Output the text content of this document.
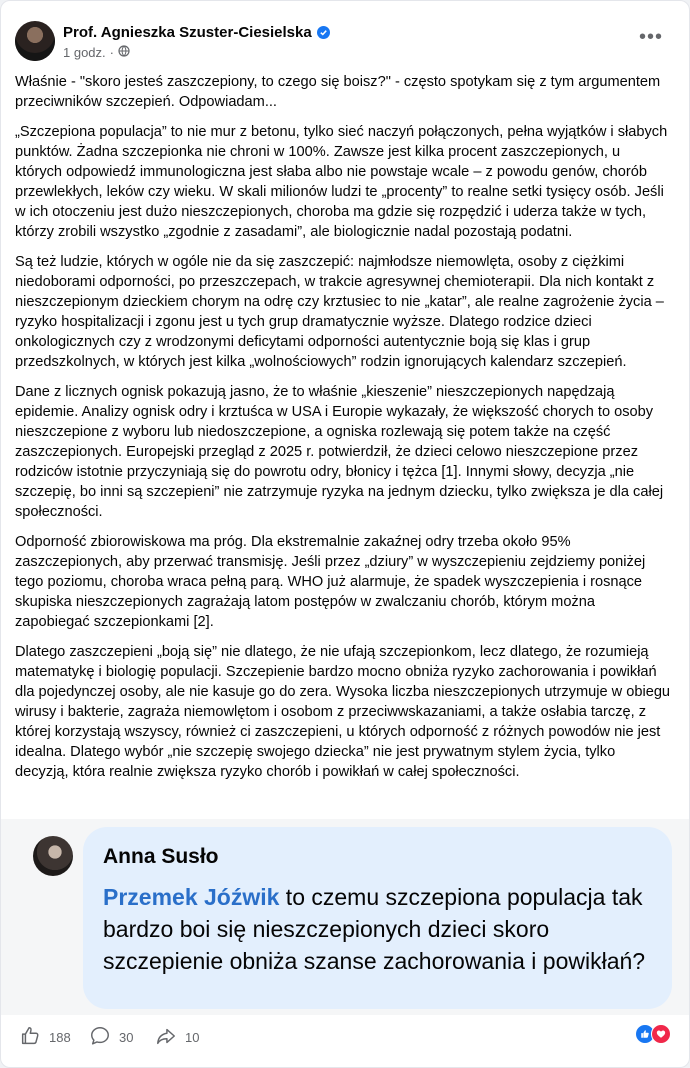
Prof. Agnieszka Szuster-Ciesielska
1 godz. ·
•••

Właśnie - "skoro jesteś zaszczepiony, to czego się boisz?" - często spotykam się z tym argumentem przeciwników szczepień. Odpowiadam...

„Szczepiona populacja” to nie mur z betonu, tylko sieć naczyń połączonych, pełna wyjątków i słabych punktów. Żadna szczepionka nie chroni w 100%. Zawsze jest kilka procent zaszczepionych, u których odpowiedź immunologiczna jest słaba albo nie powstaje wcale – z powodu genów, chorób przewlekłych, leków czy wieku. W skali milionów ludzi te „procenty” to realne setki tysięcy osób. Jeśli w ich otoczeniu jest dużo nieszczepionych, choroba ma gdzie się rozpędzić i uderza także w tych, którzy zrobili wszystko „zgodnie z zasadami”, ale biologicznie nadal pozostają podatni.

Są też ludzie, których w ogóle nie da się zaszczepić: najmłodsze niemowlęta, osoby z ciężkimi niedoborami odporności, po przeszczepach, w trakcie agresywnej chemioterapii. Dla nich kontakt z nieszczepionym dzieckiem chorym na odrę czy krztusiec to nie „katar”, ale realne zagrożenie życia – ryzyko hospitalizacji i zgonu jest u tych grup dramatycznie wyższe. Dlatego rodzice dzieci onkologicznych czy z wrodzonymi deficytami odporności autentycznie boją się klas i grup przedszkolnych, w których jest kilka „wolnościowych” rodzin ignorujących kalendarz szczepień.

Dane z licznych ognisk pokazują jasno, że to właśnie „kieszenie” nieszczepionych napędzają epidemie. Analizy ognisk odry i krztuśca w USA i Europie wykazały, że większość chorych to osoby nieszczepione z wyboru lub niedoszczepione, a ogniska rozlewają się potem także na część zaszczepionych. Europejski przegląd z 2025 r. potwierdził, że dzieci celowo nieszczepione przez rodziców istotnie przyczyniają się do powrotu odry, błonicy i tężca [1]. Innymi słowy, decyzja „nie szczepię, bo inni są szczepieni” nie zatrzymuje ryzyka na jednym dziecku, tylko zwiększa je dla całej społeczności.

Odporność zbiorowiskowa ma próg. Dla ekstremalnie zakaźnej odry trzeba około 95% zaszczepionych, aby przerwać transmisję. Jeśli przez „dziury” w wyszczepieniu zejdziemy poniżej tego poziomu, choroba wraca pełną parą. WHO już alarmuje, że spadek wyszczepienia i rosnące skupiska nieszczepionych zagrażają latom postępów w zwalczaniu chorób, którym można zapobiegać szczepionkami [2].

Dlatego zaszczepieni „boją się” nie dlatego, że nie ufają szczepionkom, lecz dlatego, że rozumieją matematykę i biologię populacji. Szczepienie bardzo mocno obniża ryzyko zachorowania i powikłań dla pojedynczej osoby, ale nie kasuje go do zera. Wysoka liczba nieszczepionych utrzymuje w obiegu wirusy i bakterie, zagraża niemowlętom i osobom z przeciwwskazaniami, a także osłabia tarczę, z której korzystają wszyscy, również ci zaszczepieni, u których odporność z różnych powodów nie jest idealna. Dlatego wybór „nie szczepię swojego dziecka” nie jest prywatnym stylem życia, tylko decyzją, która realnie zwiększa ryzyko chorób i powikłań w całej społeczności.

Anna Susło
Przemek Jóźwik to czemu szczepiona populacja tak bardzo boi się nieszczepionych dzieci skoro szczepienie obniża szanse zachorowania i powikłań?
188	30	10
